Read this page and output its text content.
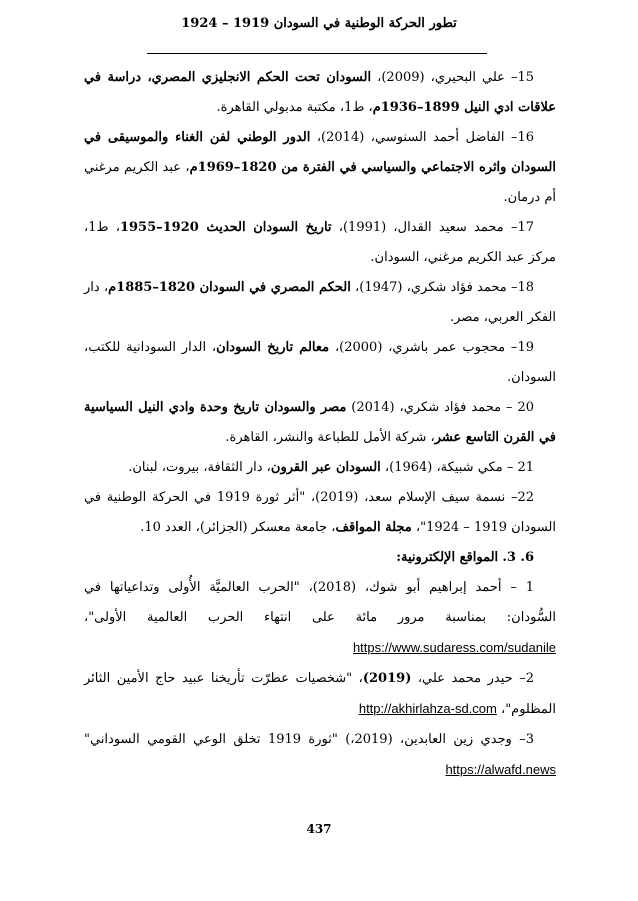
تطور الحركة الوطنية في السودان 1919 – 1924

15– علي البحيري، (2009)، السودان تحت الحكم الانجليزي المصري، دراسة في علاقات ادي النيل 1899–1936م، ط1، مكتبة مدبولي القاهرة.

16– الفاضل أحمد السنوسي، (2014)، الدور الوطني لفن الغناء والموسيقى في السودان واثره الاجتماعي والسياسي في الفترة من 1820–1969م، عبد الكريم مرغني أم درمان.

17– محمد سعيد القدال، (1991)، تاريخ السودان الحديث 1920–1955، ط1، مركز عبد الكريم مرغني، السودان.

18– محمد فؤاد شكري، (1947)، الحكم المصري في السودان 1820–1885م، دار الفكر العربي، مصر.

19– محجوب عمر باشري، (2000)، معالم تاريخ السودان، الدار السودانية للكتب، السودان.

20 – محمد فؤاد شكري، (2014) مصر والسودان تاريخ وحدة وادي النيل السياسية في القرن التاسع عشر، شركة الأمل للطباعة والنشر، القاهرة.

21 – مكي شبيكة، (1964)، السودان عبر القرون، دار الثقافة، بيروت، لبنان.

22– نسمة سيف الإسلام سعد، (2019)، "أثر ثورة 1919 في الحركة الوطنية في السودان 1919 – 1924"، مجلة المواقف، جامعة معسكر (الجزائر)، العدد 10.

6. 3. المواقع الإلكترونية:

1 – أحمد إبراهيم أبو شوك، (2018)، "الحرب العالميَّة الأُولى وتداعياتها في السُّودان: بمناسبة مرور مائة على انتهاء الحرب العالمية الأولى"، https://www.sudaress.com/sudanile

2– حيدر محمد علي، (2019)، "شخصيات عطرّت تأريخنا عبيد حاج الأمين الثائر المظلوم"، http://akhirlahza-sd.com

3– وجدي زين العابدين، (2019،) "ثورة 1919 تخلق الوعي القومي السوداني" https://alwafd.news

437
